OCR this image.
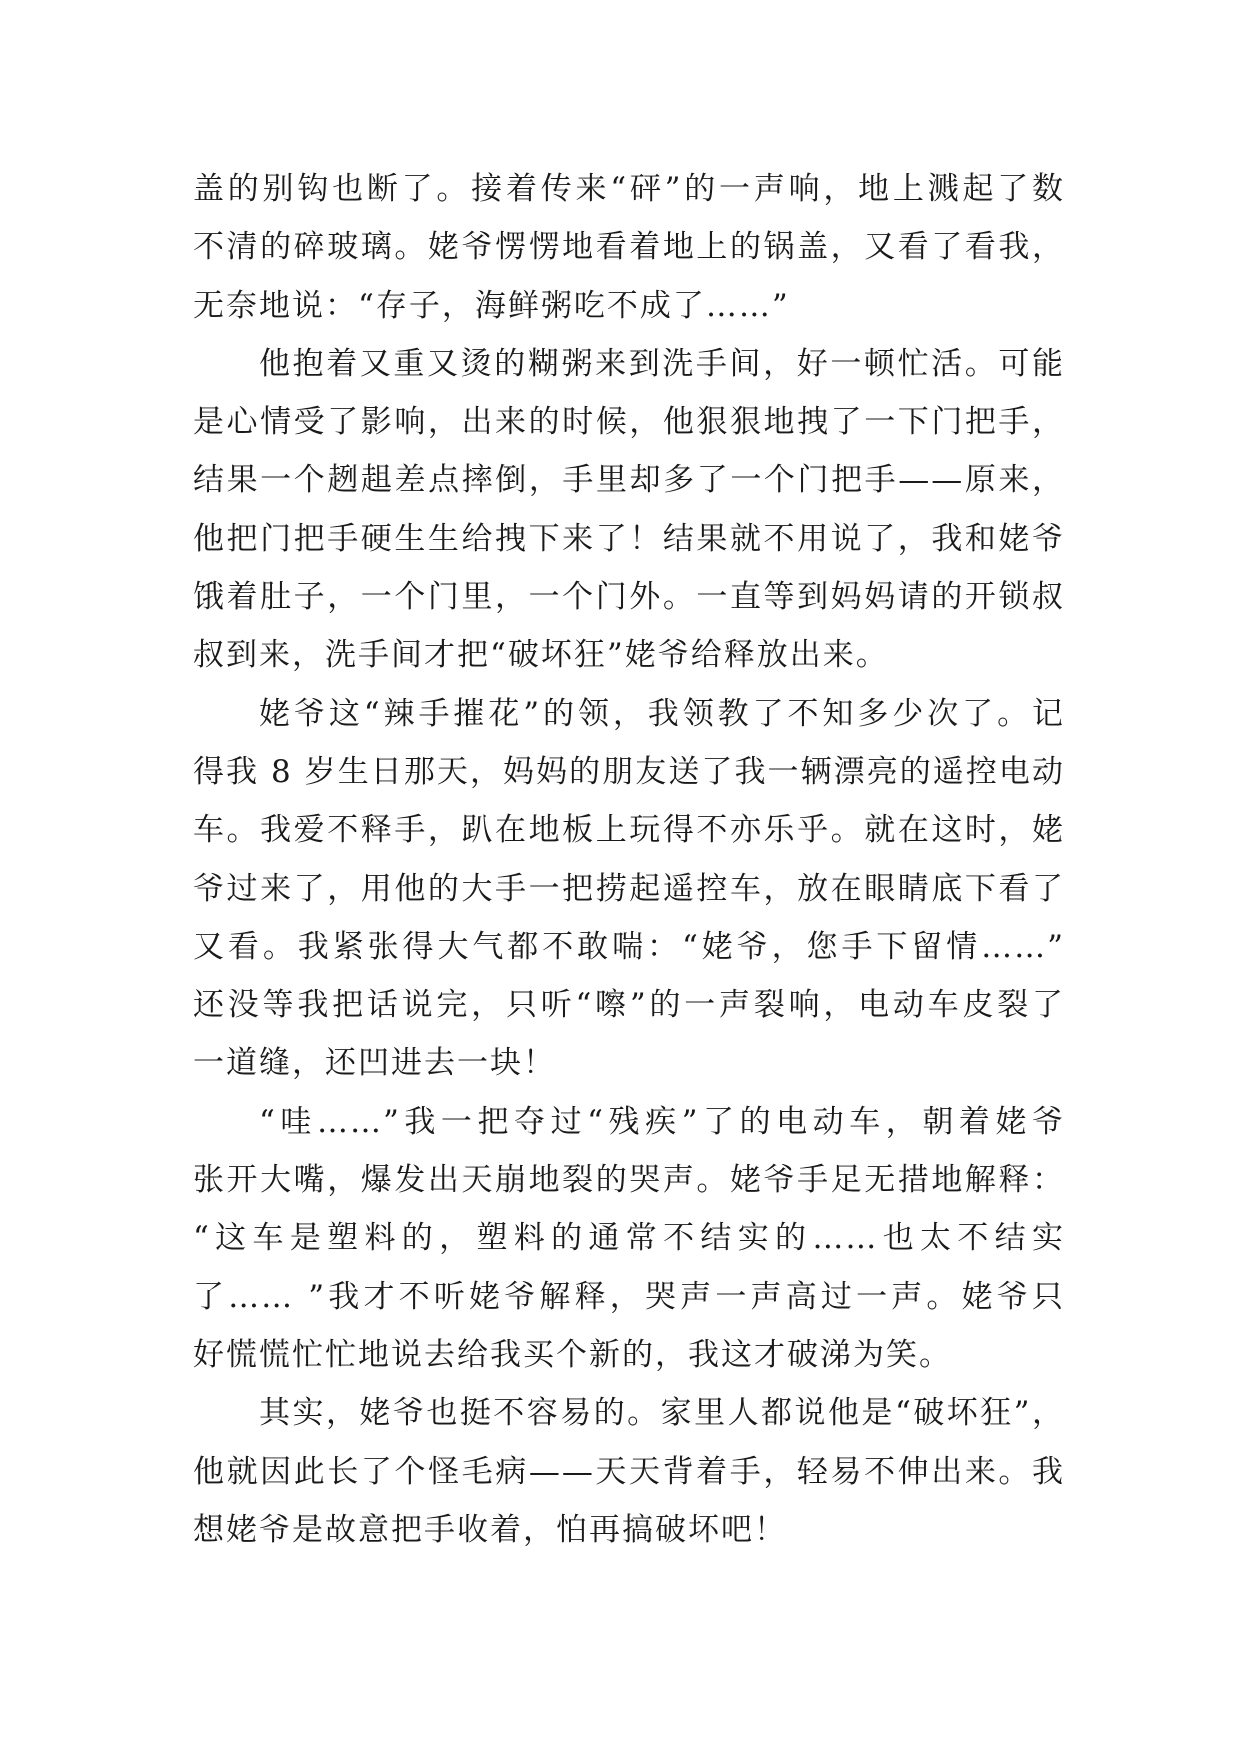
盖的别钩也断了。接着传来“砰”的一声响，地上溅起了数
不清的碎玻璃。姥爷愣愣地看着地上的锅盖，又看了看我，
无奈地说：“存子，海鲜粥吃不成了……”
他抱着又重又烫的糊粥来到洗手间，好一顿忙活。可能
是心情受了影响，出来的时候，他狠狠地拽了一下门把手，
结果一个趔趄差点摔倒，手里却多了一个门把手——原来，
他把门把手硬生生给拽下来了！结果就不用说了，我和姥爷
饿着肚子，一个门里，一个门外。一直等到妈妈请的开锁叔
叔到来，洗手间才把“破坏狂”姥爷给释放出来。
姥爷这“辣手摧花”的领，我领教了不知多少次了。记
得我 8 岁生日那天，妈妈的朋友送了我一辆漂亮的遥控电动
车。我爱不释手，趴在地板上玩得不亦乐乎。就在这时，姥
爷过来了，用他的大手一把捞起遥控车，放在眼睛底下看了
又看。我紧张得大气都不敢喘：“姥爷，您手下留情……”
还没等我把话说完，只听“嚓”的一声裂响，电动车皮裂了
一道缝，还凹进去一块！
“哇……”我一把夺过“残疾”了的电动车，朝着姥爷
张开大嘴，爆发出天崩地裂的哭声。姥爷手足无措地解释：
“这车是塑料的，塑料的通常不结实的……也太不结实
了…… ”我才不听姥爷解释，哭声一声高过一声。姥爷只
好慌慌忙忙地说去给我买个新的，我这才破涕为笑。
其实，姥爷也挺不容易的。家里人都说他是“破坏狂”，
他就因此长了个怪毛病——天天背着手，轻易不伸出来。我
想姥爷是故意把手收着，怕再搞破坏吧！
